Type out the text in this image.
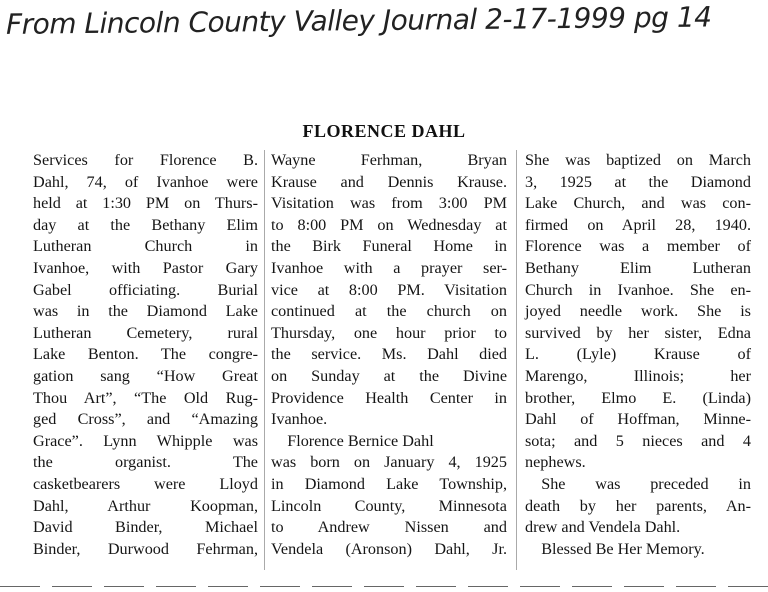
From Lincoln County Valley Journal 2-17-1999 pg 14
FLORENCE DAHL
Services for Florence B.
Dahl, 74, of Ivanhoe were
held at 1:30 PM on Thurs-
day at the Bethany Elim
Lutheran Church in
Ivanhoe, with Pastor Gary
Gabel officiating. Burial
was in the Diamond Lake
Lutheran Cemetery, rural
Lake Benton. The congre-
gation sang “How Great
Thou Art”, “The Old Rug-
ged Cross”, and “Amazing
Grace”. Lynn Whipple was
the organist. The
casketbearers were Lloyd
Dahl, Arthur Koopman,
David Binder, Michael
Binder, Durwood Fehrman,
Wayne Ferhman, Bryan
Krause and Dennis Krause.
Visitation was from 3:00 PM
to 8:00 PM on Wednesday at
the Birk Funeral Home in
Ivanhoe with a prayer ser-
vice at 8:00 PM. Visitation
continued at the church on
Thursday, one hour prior to
the service. Ms. Dahl died
on Sunday at the Divine
Providence Health Center in
Ivanhoe.
 Florence Bernice Dahl
was born on January 4, 1925
in Diamond Lake Township,
Lincoln County, Minnesota
to Andrew Nissen and
Vendela (Aronson) Dahl, Jr.
She was baptized on March
3, 1925 at the Diamond
Lake Church, and was con-
firmed on April 28, 1940.
Florence was a member of
Bethany Elim Lutheran
Church in Ivanhoe. She en-
joyed needle work. She is
survived by her sister, Edna
L. (Lyle) Krause of
Marengo, Illinois; her
brother, Elmo E. (Linda)
Dahl of Hoffman, Minne-
sota; and 5 nieces and 4
nephews.
 She was preceded in
death by her parents, An-
drew and Vendela Dahl.
 Blessed Be Her Memory.
